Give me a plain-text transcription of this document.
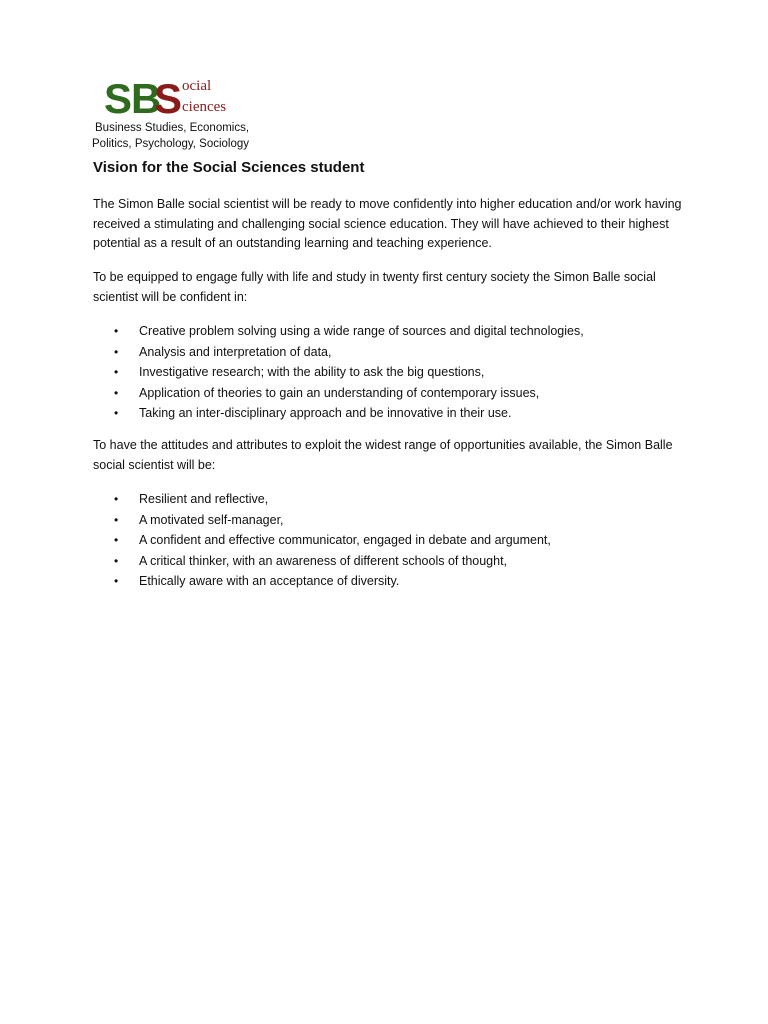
SB
S ocial
ciences
Business Studies, Economics,
Politics, Psychology, Sociology
Vision for the Social Sciences student

The Simon Balle social scientist will be ready to move confidently into higher education and/or work having received a stimulating and challenging social science education. They will have achieved to their highest potential as a result of an outstanding learning and teaching experience.

To be equipped to engage fully with life and study in twenty first century society the Simon Balle social scientist will be confident in:

• Creative problem solving using a wide range of sources and digital technologies,
• Analysis and interpretation of data,
• Investigative research; with the ability to ask the big questions,
• Application of theories to gain an understanding of contemporary issues,
• Taking an inter-disciplinary approach and be innovative in their use.

To have the attitudes and attributes to exploit the widest range of opportunities available, the Simon Balle social scientist will be:

• Resilient and reflective,
• A motivated self-manager,
• A confident and effective communicator, engaged in debate and argument,
• A critical thinker, with an awareness of different schools of thought,
• Ethically aware with an acceptance of diversity.
